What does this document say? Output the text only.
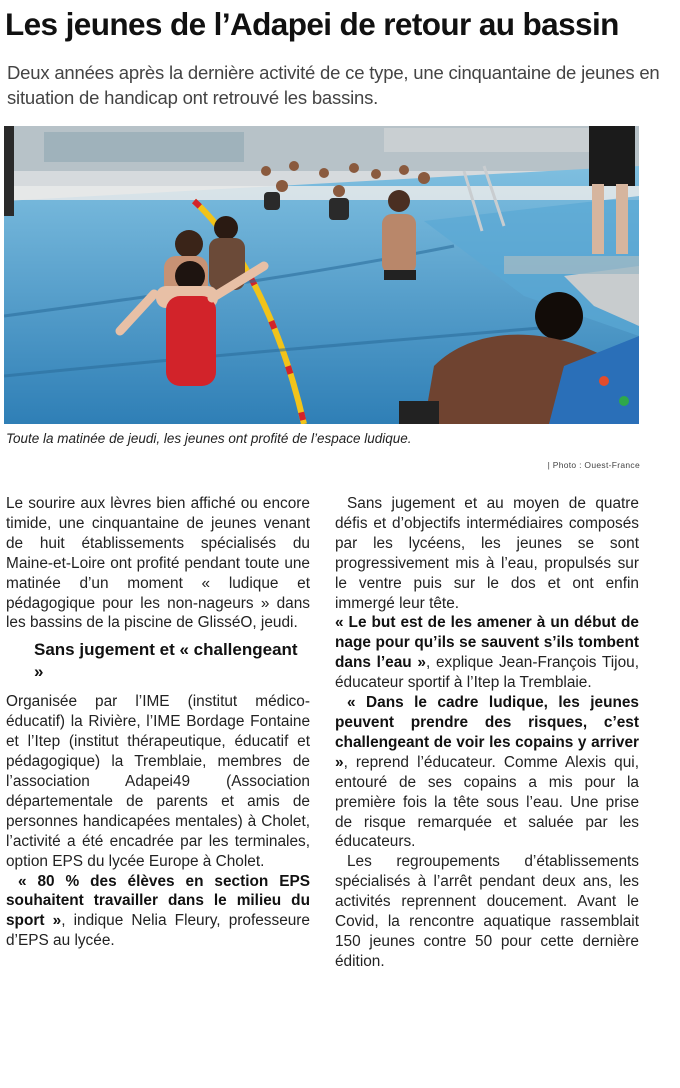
Les jeunes de l’Adapei de retour au bassin

Deux années après la dernière activité de ce type, une cinquantaine de jeunes en situation de handicap ont retrouvé les bassins.

Toute la matinée de jeudi, les jeunes ont profité de l’espace ludique.

| Photo : Ouest-France

Le sourire aux lèvres bien affiché ou encore timide, une cinquantaine de jeunes venant de huit établissements spécialisés du Maine-et-Loire ont profité pendant toute une matinée d’un moment « ludique et pédagogique pour les non-nageurs » dans les bassins de la piscine de GlisséO, jeudi.

Sans jugement et « challengeant »

Organisée par l’IME (institut médico-éducatif) la Rivière, l’IME Bordage Fontaine et l’Itep (institut thérapeutique, éducatif et pédagogique) la Tremblaie, membres de l’association Adapei49 (Association départementale de parents et amis de personnes handicapées mentales) à Cholet, l’activité a été encadrée par les terminales, option EPS du lycée Europe à Cholet.

« 80 % des élèves en section EPS souhaitent travailler dans le milieu du sport », indique Nelia Fleury, professeure d’EPS au lycée.

Sans jugement et au moyen de quatre défis et d’objectifs intermédiaires composés par les lycéens, les jeunes se sont progressivement mis à l’eau, propulsés sur le ventre puis sur le dos et ont enfin immergé leur tête.

« Le but est de les amener à un début de nage pour qu’ils se sauvent s’ils tombent dans l’eau », explique Jean-François Tijou, éducateur sportif à l’Itep la Tremblaie.

« Dans le cadre ludique, les jeunes peuvent prendre des risques, c’est challengeant de voir les copains y arriver », reprend l’éducateur. Comme Alexis qui, entouré de ses copains a mis pour la première fois la tête sous l’eau. Une prise de risque remarquée et saluée par les éducateurs.

Les regroupements d’établissements spécialisés à l’arrêt pendant deux ans, les activités reprennent doucement. Avant le Covid, la rencontre aquatique rassemblait 150 jeunes contre 50 pour cette dernière édition.
